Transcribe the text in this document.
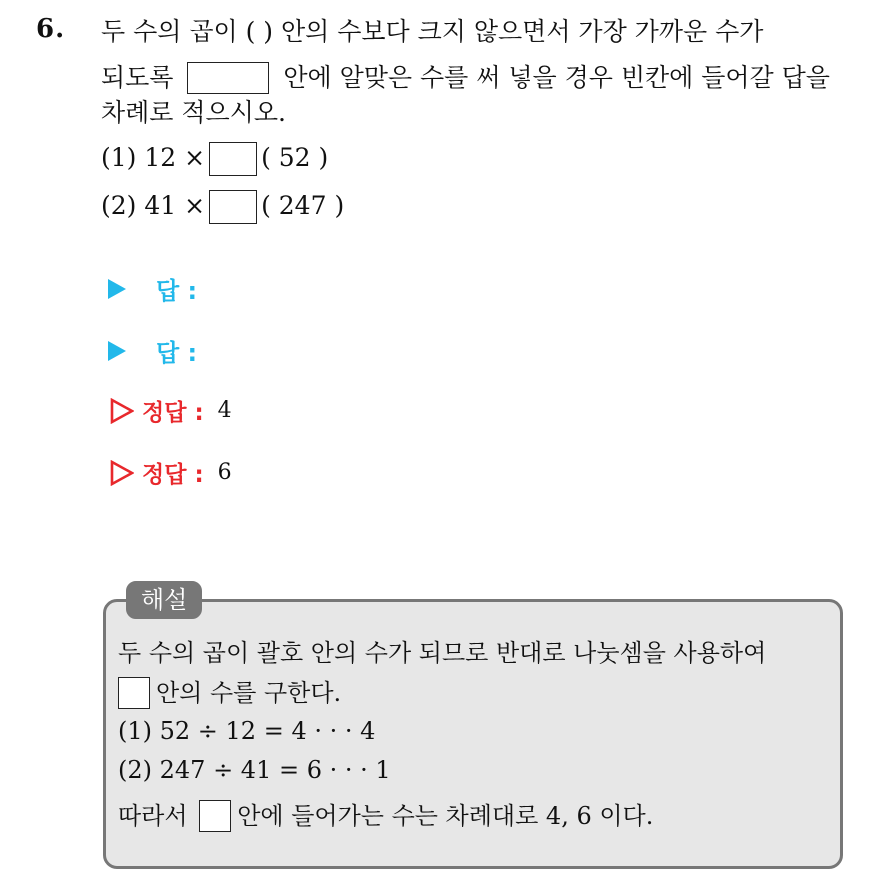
6. 두 수의 곱이 ( ) 안의 수보다 크지 않으면서 가장 가까운 수가
되도록	안에 알맞은 수를 써 넣을 경우 빈칸에 들어갈 답을
차례로 적으시오.
(1) 12 × ( 52 )
(2) 41 × ( 247 )
답 :
답 :
정답 : 4
정답 : 6
해설
두 수의 곱이 괄호 안의 수가 되므로 반대로 나눗셈을 사용하여
안의 수를 구한다.
(1) 52 ÷ 12 = 4 · · · 4
(2) 247 ÷ 41 = 6 · · · 1
따라서 안에 들어가는 수는 차례대로 4, 6 이다.
